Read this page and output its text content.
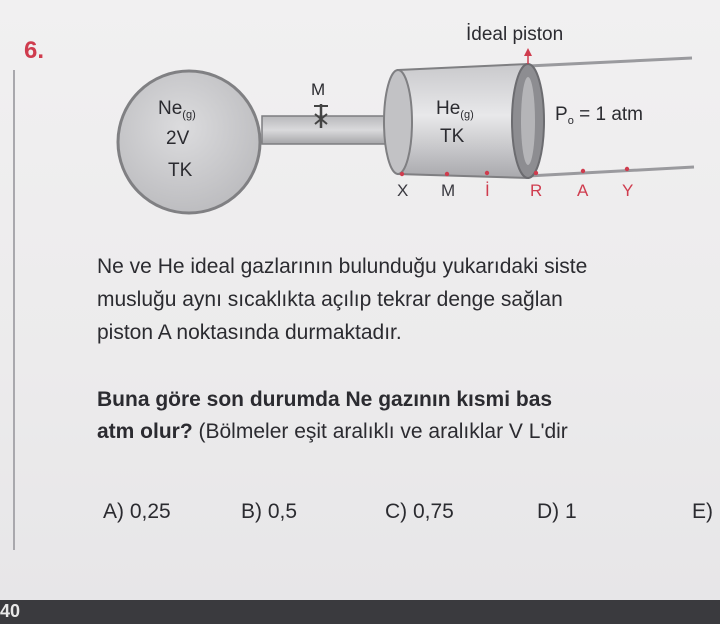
6.
İdeal piston
M
$Ne_{(g)}$
2V
TK
$He_{(g)}$
TK
$P_o = 1$ atm
X M İ R A Y
Ne ve He ideal gazlarının bulunduğu yukarıdaki siste
musluğu aynı sıcaklıkta açılıp tekrar denge sağlan
piston A noktasında durmaktadır.
Buna göre son durumda Ne gazının kısmi bas
atm olur? (Bölmeler eşit aralıklı ve aralıklar V L'dir
A) 0,25	B) 0,5	C) 0,75	D) 1	E)
40
